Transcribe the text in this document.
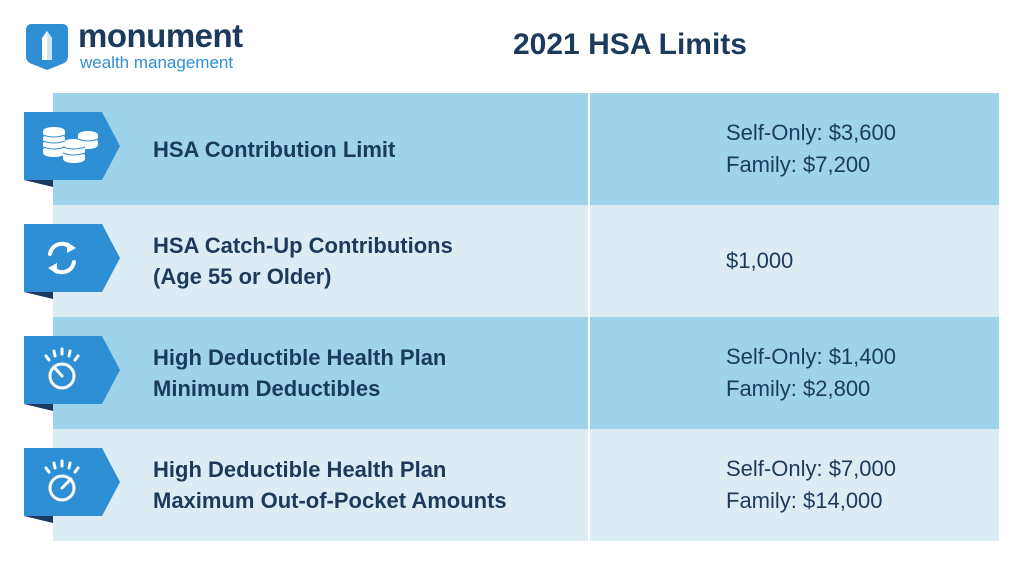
monument
wealth management
2021 HSA Limits
HSA Contribution Limit
Self-Only: $3,600
Family: $7,200
HSA Catch-Up Contributions
(Age 55 or Older)
$1,000
High Deductible Health Plan
Minimum Deductibles
Self-Only: $1,400
Family: $2,800
High Deductible Health Plan
Maximum Out-of-Pocket Amounts
Self-Only: $7,000
Family: $14,000
